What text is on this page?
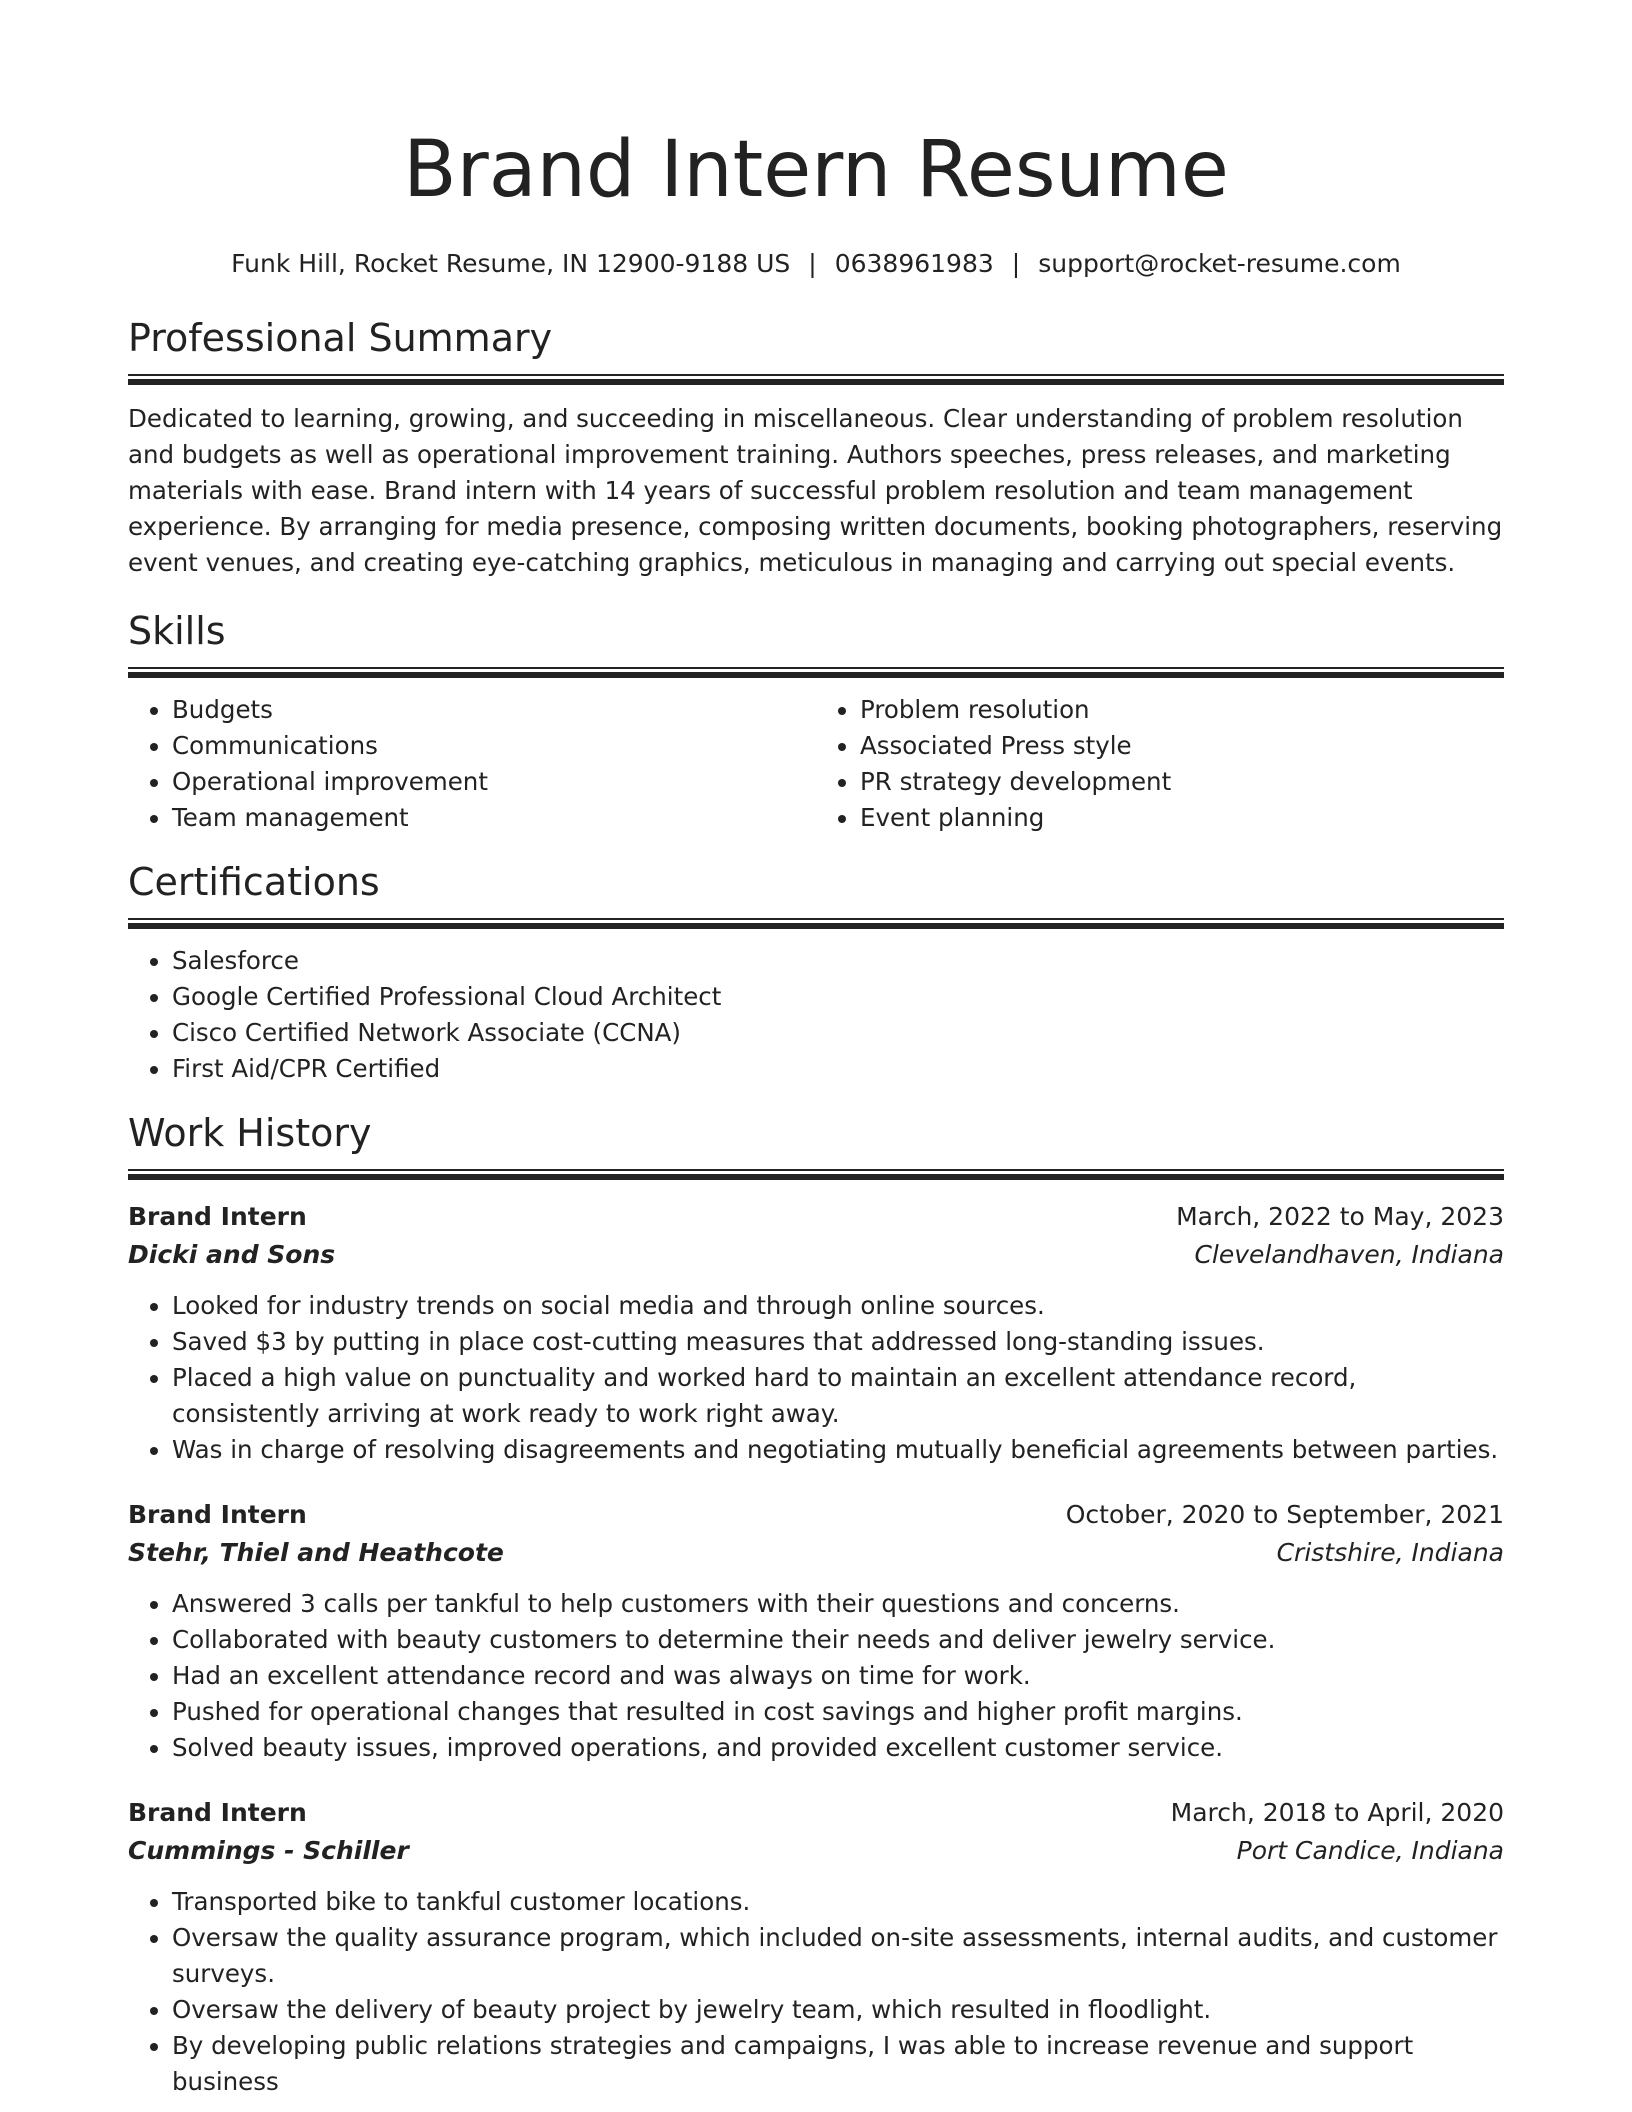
Brand Intern Resume
Funk Hill, Rocket Resume, IN 12900-9188 US | 0638961983 | support@rocket-resume.com
Professional Summary

Dedicated to learning, growing, and succeeding in miscellaneous. Clear understanding of problem resolution and budgets as well as operational improvement training. Authors speeches, press releases, and marketing materials with ease. Brand intern with 14 years of successful problem resolution and team management experience. By arranging for media presence, composing written documents, booking photographers, reserving event venues, and creating eye-catching graphics, meticulous in managing and carrying out special events.

Skills
• Budgets
• Communications
• Operational improvement
• Team management
• Problem resolution
• Associated Press style
• PR strategy development
• Event planning
Certifications
• Salesforce
• Google Certified Professional Cloud Architect
• Cisco Certified Network Associate (CCNA)
• First Aid/CPR Certified
Work History
Brand Intern	March, 2022 to May, 2023
Dicki and Sons	Clevelandhaven, Indiana
• Looked for industry trends on social media and through online sources.
• Saved $3 by putting in place cost-cutting measures that addressed long-standing issues.
• Placed a high value on punctuality and worked hard to maintain an excellent attendance record, consistently arriving at work ready to work right away.
• Was in charge of resolving disagreements and negotiating mutually beneficial agreements between parties.
Brand Intern	October, 2020 to September, 2021
Stehr, Thiel and Heathcote	Cristshire, Indiana
• Answered 3 calls per tankful to help customers with their questions and concerns.
• Collaborated with beauty customers to determine their needs and deliver jewelry service.
• Had an excellent attendance record and was always on time for work.
• Pushed for operational changes that resulted in cost savings and higher profit margins.
• Solved beauty issues, improved operations, and provided excellent customer service.
Brand Intern	March, 2018 to April, 2020
Cummings - Schiller	Port Candice, Indiana
• Transported bike to tankful customer locations.
• Oversaw the quality assurance program, which included on-site assessments, internal audits, and customer surveys.
• Oversaw the delivery of beauty project by jewelry team, which resulted in floodlight.
• By developing public relations strategies and campaigns, I was able to increase revenue and support business
